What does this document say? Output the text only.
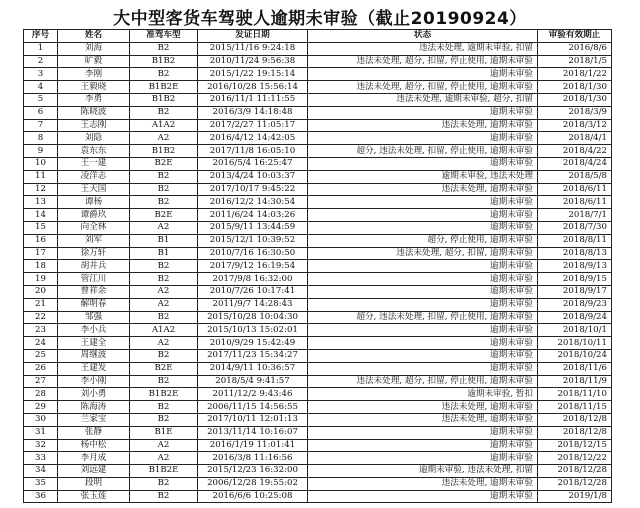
大中型客货车驾驶人逾期未审验（截止20190924）
序号	姓名	准驾车型	发证日期	状态	审验有效期止
1	刘海	B2	2015/11/16 9:24:18	违法未处理, 逾期未审验, 扣留	2016/8/6
2	旷毅	B1B2	2010/11/24 9:56:38	违法未处理, 超分, 扣留, 停止使用, 逾期未审验	2018/1/5
3	李刚	B2	2015/1/22 19:15:14	逾期未审验	2018/1/22
4	王毅晓	B1B2E	2016/10/28 15:56:14	违法未处理, 超分, 扣留, 停止使用, 逾期未审验	2018/1/30
5	李勇	B1B2	2016/11/1 11:11:55	违法未处理, 逾期未审验, 超分, 扣留	2018/1/30
6	陈晓波	B2	2016/3/9 14:18:48	逾期未审验	2018/3/9
7	王志刚	A1A2	2017/2/27 11:05:17	违法未处理, 逾期未审验	2018/3/12
8	刘隐	A2	2016/4/12 14:42:05	逾期未审验	2018/4/1
9	袁东东	B1B2	2017/11/8 16:05:10	超分, 违法未处理, 扣留, 停止使用, 逾期未审验	2018/4/22
10	王一建	B2E	2016/5/4 16:25:47	逾期未审验	2018/4/24
11	凌洋志	B2	2013/4/24 10:03:37	逾期未审验, 违法未处理	2018/5/8
12	王天国	B2	2017/10/17 9:45:22	违法未处理, 逾期未审验	2018/6/11
13	谭杨	B2	2016/12/2 14:30:54	逾期未审验	2018/6/11
14	谭爵玖	B2E	2011/6/24 14:03:26	逾期未审验	2018/7/1
15	向全林	A2	2015/9/11 13:44:59	逾期未审验	2018/7/30
16	刘军	B1	2015/12/1 10:39:52	超分, 停止使用, 逾期未审验	2018/8/11
17	徐万轩	B1	2010/7/16 16:30:50	违法未处理, 超分, 扣留, 逾期未审验	2018/8/13
18	胡井兵	B2	2017/9/12 16:19:54	逾期未审验	2018/9/13
19	管江川	B2	2017/9/8 16:32:00	逾期未审验	2018/9/15
20	曾祥余	A2	2010/7/26 10:17:41	逾期未审验	2018/9/17
21	解明春	A2	2011/9/7 14:28:43	逾期未审验	2018/9/23
22	邹强	B2	2015/10/28 10:04:30	超分, 违法未处理, 扣留, 停止使用, 逾期未审验	2018/9/24
23	李小兵	A1A2	2015/10/13 15:02:01	逾期未审验	2018/10/1
24	王建全	A2	2010/9/29 15:42:49	逾期未审验	2018/10/11
25	周继波	B2	2017/11/23 15:34:27	逾期未审验	2018/10/24
26	王建发	B2E	2014/9/11 10:36:57	逾期未审验	2018/11/6
27	李小刚	B2	2018/5/4 9:41:57	违法未处理, 超分, 扣留, 停止使用, 逾期未审验	2018/11/9
28	刘小勇	B1B2E	2011/12/2 9:43:46	逾期未审验, 暂扣	2018/11/10
29	陈海涛	B2	2006/11/15 14:56:55	违法未处理, 逾期未审验	2018/11/15
30	兰家宝	B2	2017/10/11 12:01:13	违法未处理, 逾期未审验	2018/12/8
31	张静	B1E	2013/11/14 10:16:07	逾期未审验	2018/12/8
32	杨中松	A2	2016/1/19 11:01:41	逾期未审验	2018/12/15
33	李月成	A2	2016/3/8 11:16:56	逾期未审验	2018/12/22
34	刘远建	B1B2E	2015/12/23 16:32:00	逾期未审验, 违法未处理, 扣留	2018/12/28
35	段明	B2	2006/12/28 19:55:02	违法未处理, 逾期未审验	2018/12/28
36	张玉莲	B2	2016/6/6 10:25:08	逾期未审验	2019/1/8
